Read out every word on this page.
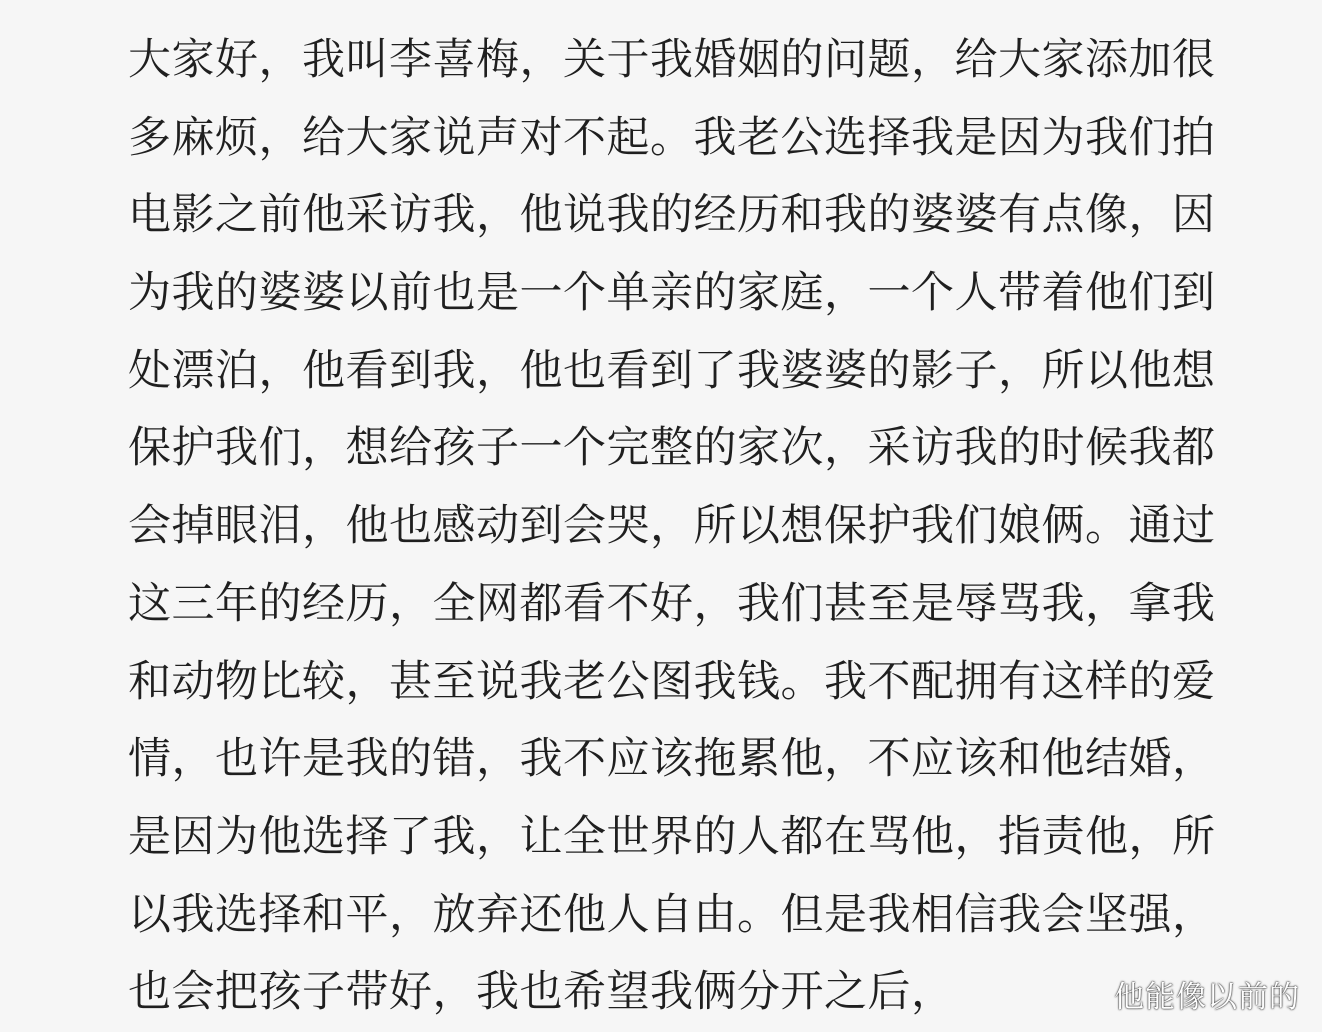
大家好，我叫李喜梅，关于我婚姻的问题，给大家添加很
多麻烦，给大家说声对不起。我老公选择我是因为我们拍
电影之前他采访我，他说我的经历和我的婆婆有点像，因
为我的婆婆以前也是一个单亲的家庭，一个人带着他们到
处漂泊，他看到我，他也看到了我婆婆的影子，所以他想
保护我们，想给孩子一个完整的家次，采访我的时候我都
会掉眼泪，他也感动到会哭，所以想保护我们娘俩。通过
这三年的经历，全网都看不好，我们甚至是辱骂我，拿我
和动物比较，甚至说我老公图我钱。我不配拥有这样的爱
情，也许是我的错，我不应该拖累他，不应该和他结婚，
是因为他选择了我，让全世界的人都在骂他，指责他，所
以我选择和平，放弃还他人自由。但是我相信我会坚强，
也会把孩子带好，我也希望我俩分开之后，	他能像以前的
